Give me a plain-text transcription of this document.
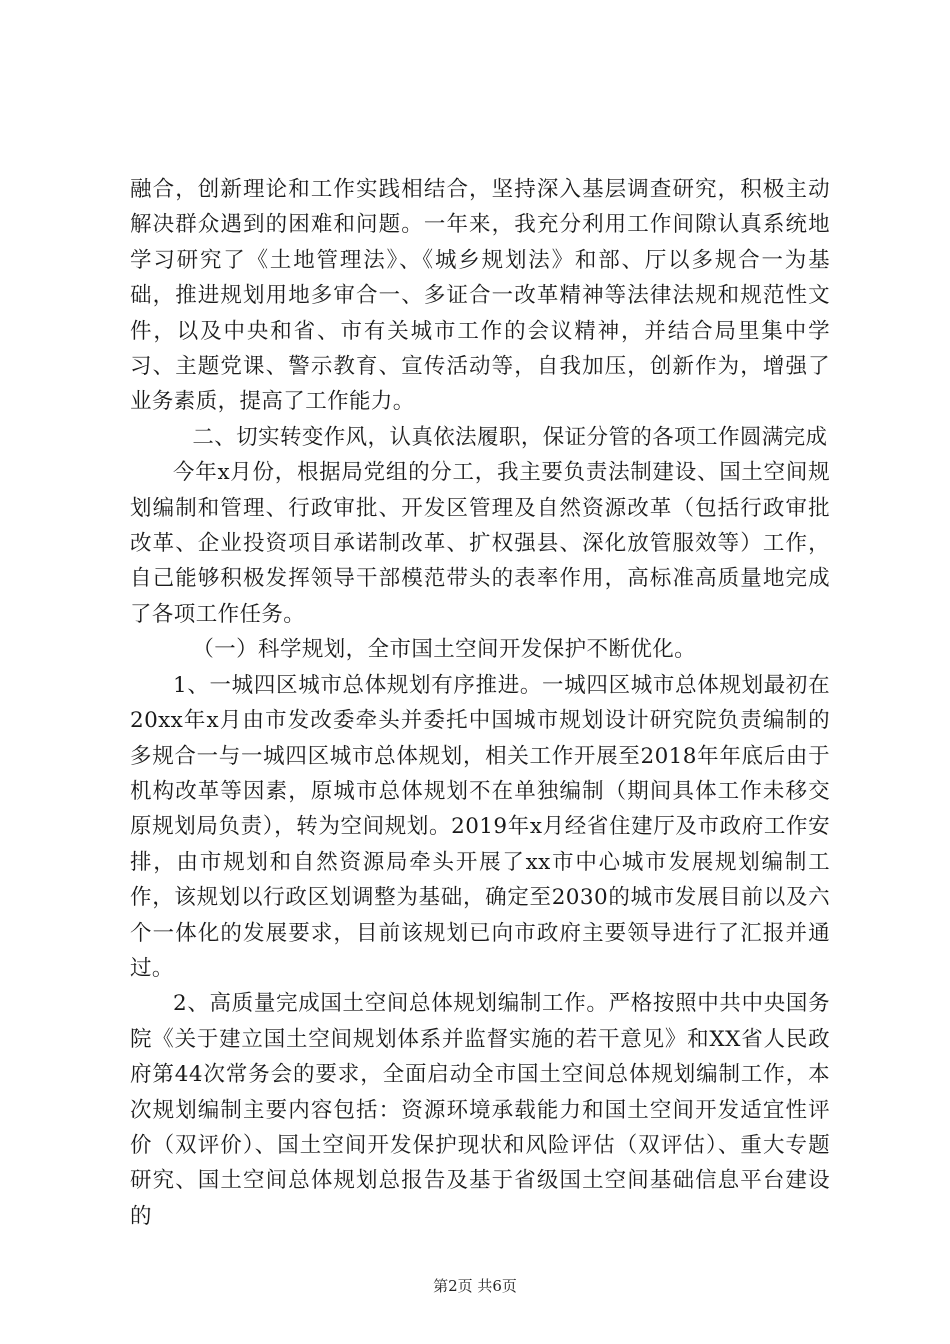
融合，创新理论和工作实践相结合，坚持深入基层调查研究，积极主动解决群众遇到的困难和问题。一年来，我充分利用工作间隙认真系统地学习研究了《土地管理法》、《城乡规划法》和部、厅以多规合一为基础，推进规划用地多审合一、多证合一改革精神等法律法规和规范性文件，以及中央和省、市有关城市工作的会议精神，并结合局里集中学习、主题党课、警示教育、宣传活动等，自我加压，创新作为，增强了业务素质，提高了工作能力。

二、切实转变作风，认真依法履职，保证分管的各项工作圆满完成

今年x月份，根据局党组的分工，我主要负责法制建设、国土空间规划编制和管理、行政审批、开发区管理及自然资源改革（包括行政审批改革、企业投资项目承诺制改革、扩权强县、深化放管服效等）工作，自己能够积极发挥领导干部模范带头的表率作用，高标准高质量地完成了各项工作任务。

（一）科学规划，全市国土空间开发保护不断优化。

1、一城四区城市总体规划有序推进。一城四区城市总体规划最初在20xx年x月由市发改委牵头并委托中国城市规划设计研究院负责编制的多规合一与一城四区城市总体规划，相关工作开展至2018年年底后由于机构改革等因素，原城市总体规划不在单独编制（期间具体工作未移交原规划局负责），转为空间规划。2019年x月经省住建厅及市政府工作安排，由市规划和自然资源局牵头开展了xx市中心城市发展规划编制工作，该规划以行政区划调整为基础，确定至2030的城市发展目前以及六个一体化的发展要求，目前该规划已向市政府主要领导进行了汇报并通过。

2、高质量完成国土空间总体规划编制工作。严格按照中共中央国务院《关于建立国土空间规划体系并监督实施的若干意见》和XX省人民政府第44次常务会的要求，全面启动全市国土空间总体规划编制工作，本次规划编制主要内容包括：资源环境承载能力和国土空间开发适宜性评价（双评价）、国土空间开发保护现状和风险评估（双评估）、重大专题研究、国土空间总体规划总报告及基于省级国土空间基础信息平台建设的

第2页 共6页
